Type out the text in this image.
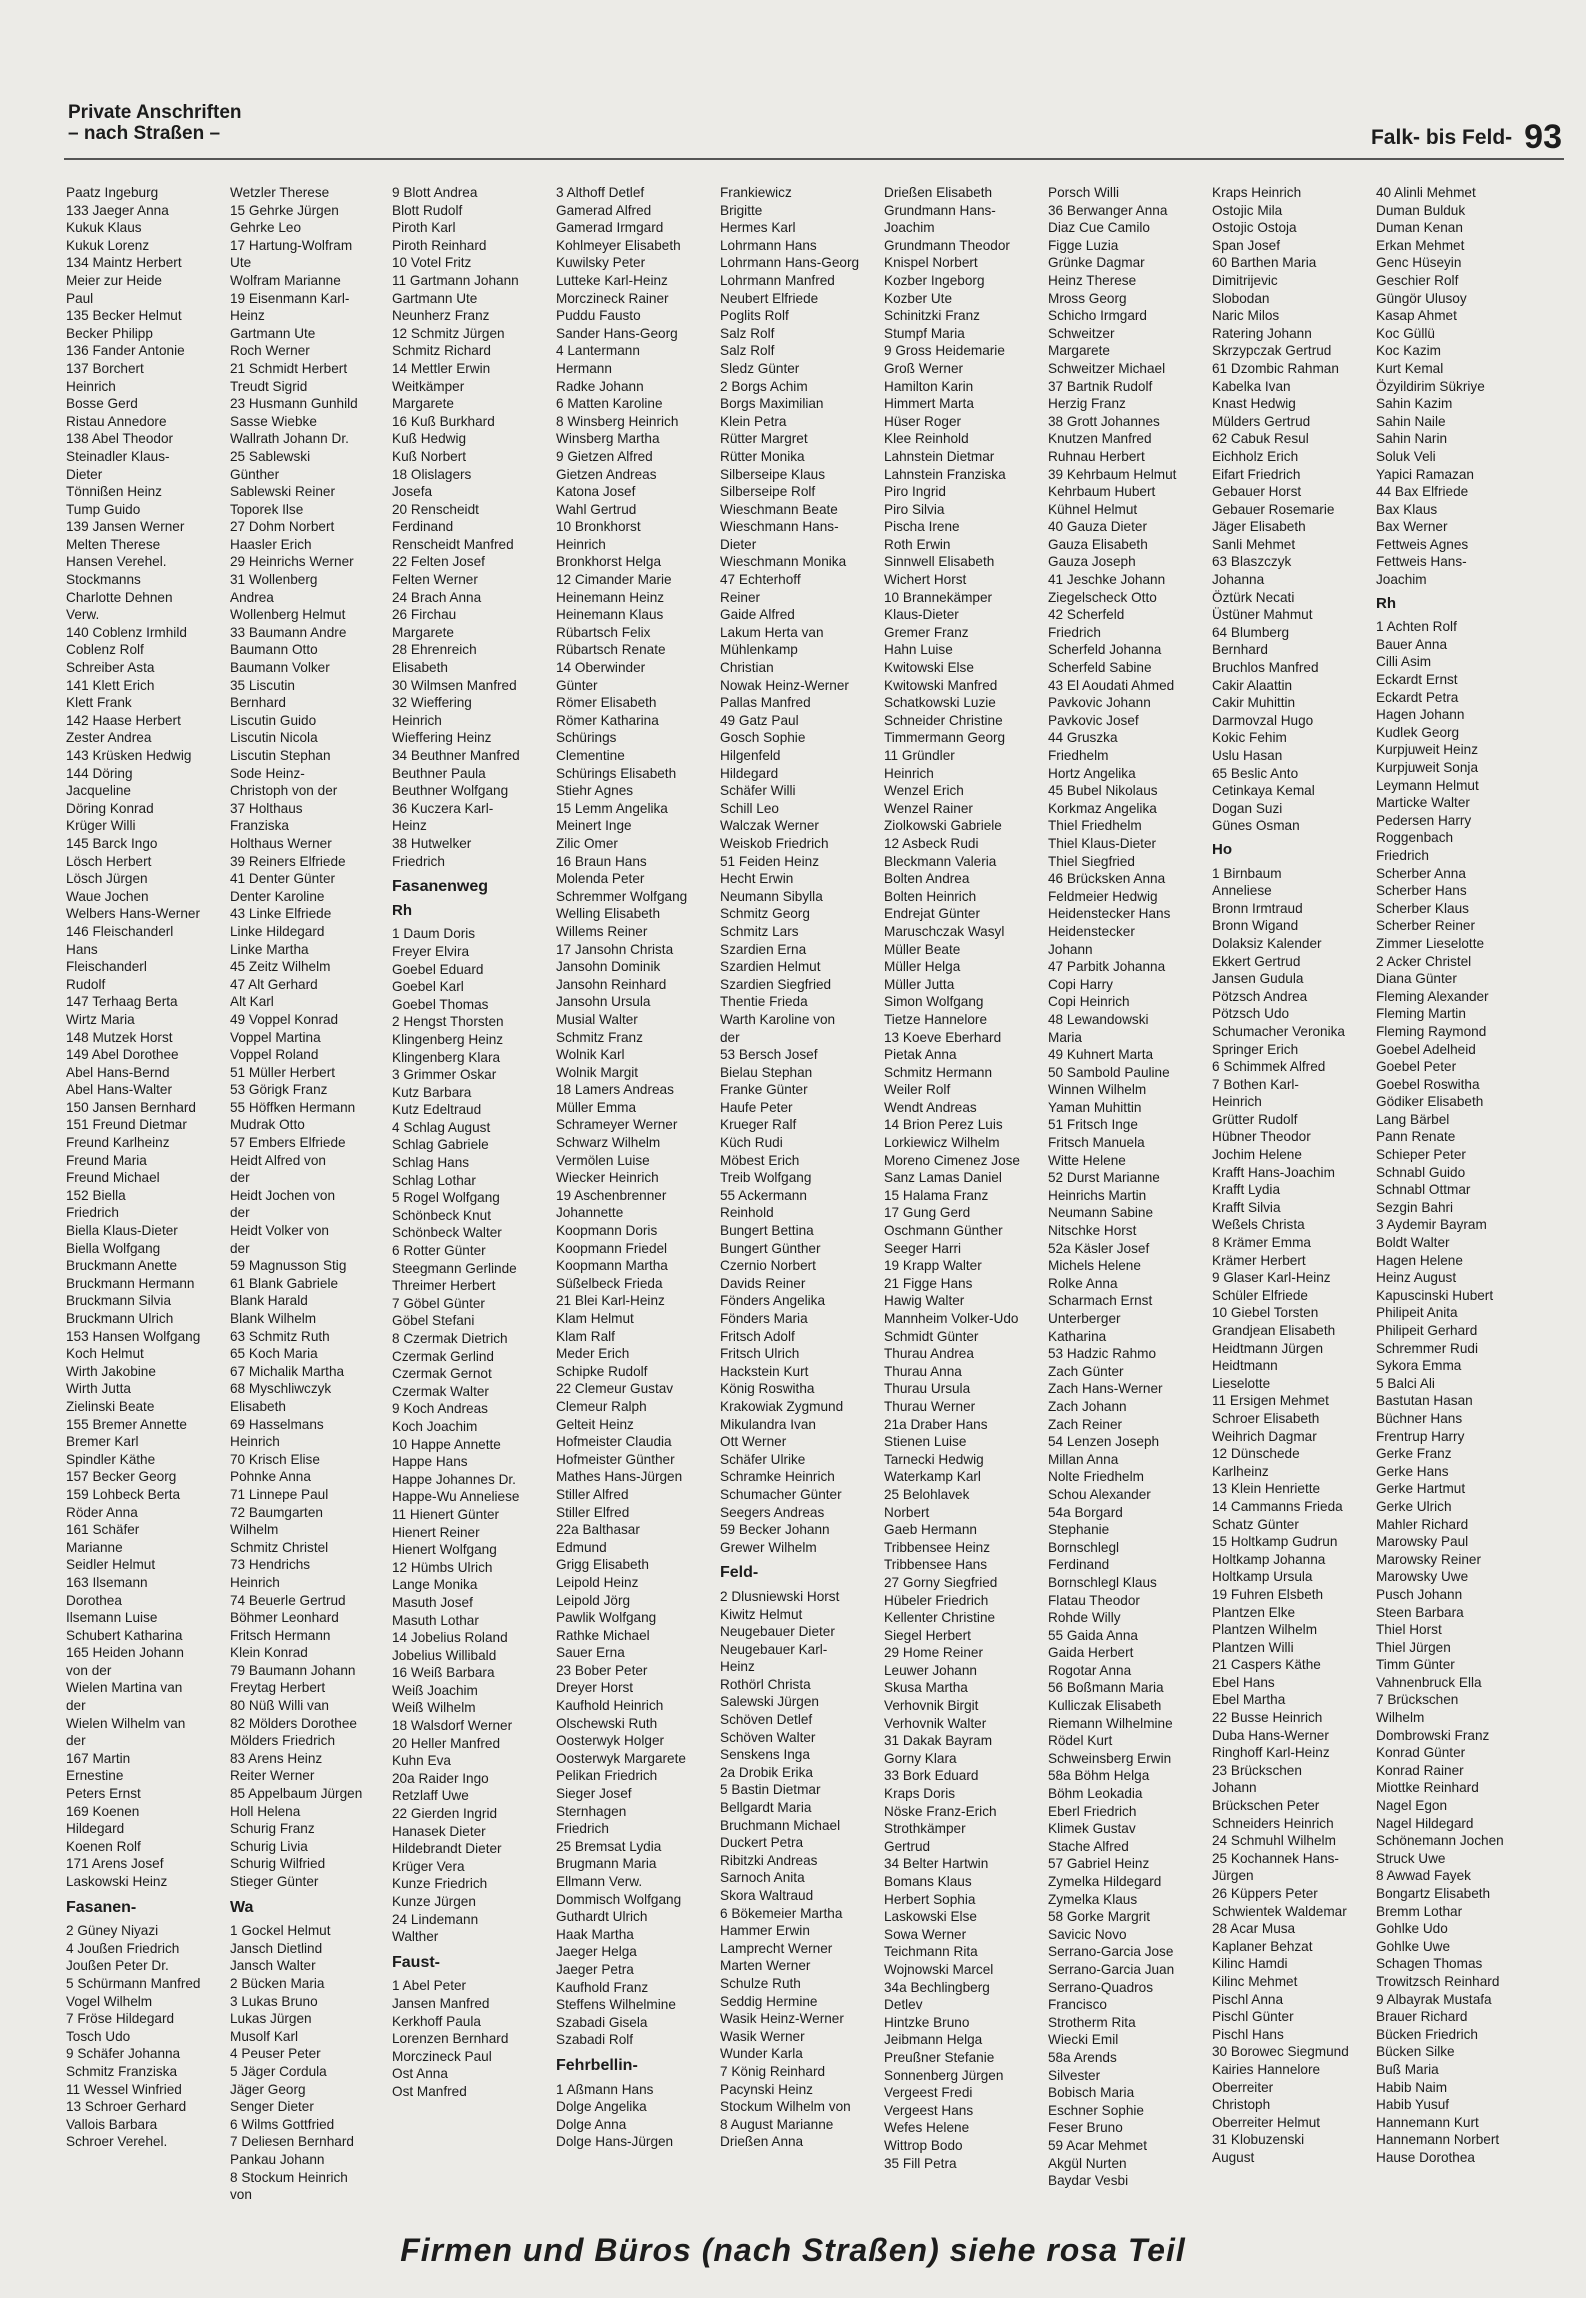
Private Anschriften
– nach Straßen –	Falk- bis Feld- 93
Paatz Ingeburg
133 Jaeger Anna
Kukuk Klaus
Kukuk Lorenz
134 Maintz Herbert
Meier zur Heide
Paul
135 Becker Helmut
Becker Philipp
136 Fander Antonie
137 Borchert
Heinrich
Bosse Gerd
Ristau Annedore
138 Abel Theodor
Steinadler Klaus-
Dieter
Tönnißen Heinz
Tump Guido
139 Jansen Werner
Melten Therese
Hansen Verehel.
Stockmanns
Charlotte Dehnen
Verw.
140 Coblenz Irmhild
Coblenz Rolf
Schreiber Asta
141 Klett Erich
Klett Frank
142 Haase Herbert
Zester Andrea
143 Krüsken Hedwig
144 Döring
Jacqueline
Döring Konrad
Krüger Willi
145 Barck Ingo
Lösch Herbert
Lösch Jürgen
Waue Jochen
Welbers Hans-Werner
146 Fleischanderl
Hans
Fleischanderl
Rudolf
147 Terhaag Berta
Wirtz Maria
148 Mutzek Horst
149 Abel Dorothee
Abel Hans-Bernd
Abel Hans-Walter
150 Jansen Bernhard
151 Freund Dietmar
Freund Karlheinz
Freund Maria
Freund Michael
152 Biella
Friedrich
Biella Klaus-Dieter
Biella Wolfgang
Bruckmann Anette
Bruckmann Hermann
Bruckmann Silvia
Bruckmann Ulrich
153 Hansen Wolfgang
Koch Helmut
Wirth Jakobine
Wirth Jutta
Zielinski Beate
155 Bremer Annette
Bremer Karl
Spindler Käthe
157 Becker Georg
159 Lohbeck Berta
Röder Anna
161 Schäfer
Marianne
Seidler Helmut
163 Ilsemann
Dorothea
Ilsemann Luise
Schubert Katharina
165 Heiden Johann
von der
Wielen Martina van
der
Wielen Wilhelm van
der
167 Martin
Ernestine
Peters Ernst
169 Koenen
Hildegard
Koenen Rolf
171 Arens Josef
Laskowski Heinz
Fasanen-
2 Güney Niyazi
4 Joußen Friedrich
Joußen Peter Dr.
5 Schürmann Manfred
Vogel Wilhelm
7 Fröse Hildegard
Tosch Udo
9 Schäfer Johanna
Schmitz Franziska
11 Wessel Winfried
13 Schroer Gerhard
Vallois Barbara
Schroer Verehel.
Wetzler Therese
15 Gehrke Jürgen
Gehrke Leo
17 Hartung-Wolfram
Ute
Wolfram Marianne
19 Eisenmann Karl-
Heinz
Gartmann Ute
Roch Werner
21 Schmidt Herbert
Treudt Sigrid
23 Husmann Gunhild
Sasse Wiebke
Wallrath Johann Dr.
25 Sablewski
Günther
Sablewski Reiner
Toporek Ilse
27 Dohm Norbert
Haasler Erich
29 Heinrichs Werner
31 Wollenberg
Andrea
Wollenberg Helmut
33 Baumann Andre
Baumann Otto
Baumann Volker
35 Liscutin
Bernhard
Liscutin Guido
Liscutin Nicola
Liscutin Stephan
Sode Heinz-
Christoph von der
37 Holthaus
Franziska
Holthaus Werner
39 Reiners Elfriede
41 Denter Günter
Denter Karoline
43 Linke Elfriede
Linke Hildegard
Linke Martha
45 Zeitz Wilhelm
47 Alt Gerhard
Alt Karl
49 Voppel Konrad
Voppel Martina
Voppel Roland
51 Müller Herbert
53 Görigk Franz
55 Höffken Hermann
Mudrak Otto
57 Embers Elfriede
Heidt Alfred von
der
Heidt Jochen von
der
Heidt Volker von
der
59 Magnusson Stig
61 Blank Gabriele
Blank Harald
Blank Wilhelm
63 Schmitz Ruth
65 Koch Maria
67 Michalik Martha
68 Myschliwczyk
Elisabeth
69 Hasselmans
Heinrich
70 Krisch Elise
Pohnke Anna
71 Linnepe Paul
72 Baumgarten
Wilhelm
Schmitz Christel
73 Hendrichs
Heinrich
74 Beuerle Gertrud
Böhmer Leonhard
Fritsch Hermann
Klein Konrad
79 Baumann Johann
Freytag Herbert
80 Nüß Willi van
82 Mölders Dorothee
Mölders Friedrich
83 Arens Heinz
Reiter Werner
85 Appelbaum Jürgen
Holl Helena
Schurig Franz
Schurig Livia
Schurig Wilfried
Stieger Günter
Wa
1 Gockel Helmut
Jansch Dietlind
Jansch Walter
2 Bücken Maria
3 Lukas Bruno
Lukas Jürgen
Musolf Karl
4 Peuser Peter
5 Jäger Cordula
Jäger Georg
Senger Dieter
6 Wilms Gottfried
7 Deliesen Bernhard
Pankau Johann
8 Stockum Heinrich
von
9 Blott Andrea
Blott Rudolf
Piroth Karl
Piroth Reinhard
10 Votel Fritz
11 Gartmann Johann
Gartmann Ute
Neunherz Franz
12 Schmitz Jürgen
Schmitz Richard
14 Mettler Erwin
Weitkämper
Margarete
16 Kuß Burkhard
Kuß Hedwig
Kuß Norbert
18 Olislagers
Josefa
20 Renscheidt
Ferdinand
Renscheidt Manfred
22 Felten Josef
Felten Werner
24 Brach Anna
26 Firchau
Margarete
28 Ehrenreich
Elisabeth
30 Wilmsen Manfred
32 Wieffering
Heinrich
Wieffering Heinz
34 Beuthner Manfred
Beuthner Paula
Beuthner Wolfgang
36 Kuczera Karl-
Heinz
38 Hutwelker
Friedrich
Fasanenweg
Rh
1 Daum Doris
Freyer Elvira
Goebel Eduard
Goebel Karl
Goebel Thomas
2 Hengst Thorsten
Klingenberg Heinz
Klingenberg Klara
3 Grimmer Oskar
Kutz Barbara
Kutz Edeltraud
4 Schlag August
Schlag Gabriele
Schlag Hans
Schlag Lothar
5 Rogel Wolfgang
Schönbeck Knut
Schönbeck Walter
6 Rotter Günter
Steegmann Gerlinde
Threimer Herbert
7 Göbel Günter
Göbel Stefani
8 Czermak Dietrich
Czermak Gerlind
Czermak Gernot
Czermak Walter
9 Koch Andreas
Koch Joachim
10 Happe Annette
Happe Hans
Happe Johannes Dr.
Happe-Wu Anneliese
11 Hienert Günter
Hienert Reiner
Hienert Wolfgang
12 Hümbs Ulrich
Lange Monika
Masuth Josef
Masuth Lothar
14 Jobelius Roland
Jobelius Willibald
16 Weiß Barbara
Weiß Joachim
Weiß Wilhelm
18 Walsdorf Werner
20 Heller Manfred
Kuhn Eva
20a Raider Ingo
Retzlaff Uwe
22 Gierden Ingrid
Hanasek Dieter
Hildebrandt Dieter
Krüger Vera
Kunze Friedrich
Kunze Jürgen
24 Lindemann
Walther
Faust-
1 Abel Peter
Jansen Manfred
Kerkhoff Paula
Lorenzen Bernhard
Morczineck Paul
Ost Anna
Ost Manfred
3 Althoff Detlef
Gamerad Alfred
Gamerad Irmgard
Kohlmeyer Elisabeth
Kuwilsky Peter
Lutteke Karl-Heinz
Morczineck Rainer
Puddu Fausto
Sander Hans-Georg
4 Lantermann
Hermann
Radke Johann
6 Matten Karoline
8 Winsberg Heinrich
Winsberg Martha
9 Gietzen Alfred
Gietzen Andreas
Katona Josef
Wahl Gertrud
10 Bronkhorst
Heinrich
Bronkhorst Helga
12 Cimander Marie
Heinemann Heinz
Heinemann Klaus
Rübartsch Felix
Rübartsch Renate
14 Oberwinder
Günter
Römer Elisabeth
Römer Katharina
Schürings
Clementine
Schürings Elisabeth
Stiehr Agnes
15 Lemm Angelika
Meinert Inge
Zilic Omer
16 Braun Hans
Molenda Peter
Schremmer Wolfgang
Welling Elisabeth
Willems Reiner
17 Jansohn Christa
Jansohn Dominik
Jansohn Reinhard
Jansohn Ursula
Musial Walter
Schmitz Franz
Wolnik Karl
Wolnik Margit
18 Lamers Andreas
Müller Emma
Schrameyer Werner
Schwarz Wilhelm
Vermölen Luise
Wiecker Heinrich
19 Aschenbrenner
Johannette
Koopmann Doris
Koopmann Friedel
Koopmann Martha
Süßelbeck Frieda
21 Blei Karl-Heinz
Klam Helmut
Klam Ralf
Meder Erich
Schipke Rudolf
22 Clemeur Gustav
Clemeur Ralph
Gelteit Heinz
Hofmeister Claudia
Hofmeister Günther
Mathes Hans-Jürgen
Stiller Alfred
Stiller Elfred
22a Balthasar
Edmund
Grigg Elisabeth
Leipold Heinz
Leipold Jörg
Pawlik Wolfgang
Rathke Michael
Sauer Erna
23 Bober Peter
Dreyer Horst
Kaufhold Heinrich
Olschewski Ruth
Oosterwyk Holger
Oosterwyk Margarete
Pelikan Friedrich
Sieger Josef
Sternhagen
Friedrich
25 Bremsat Lydia
Brugmann Maria
Ellmann Verw.
Dommisch Wolfgang
Guthardt Ulrich
Haak Martha
Jaeger Helga
Jaeger Petra
Kaufhold Franz
Steffens Wilhelmine
Szabadi Gisela
Szabadi Rolf
Fehrbellin-
1 Aßmann Hans
Dolge Angelika
Dolge Anna
Dolge Hans-Jürgen
Frankiewicz
Brigitte
Hermes Karl
Lohrmann Hans
Lohrmann Hans-Georg
Lohrmann Manfred
Neubert Elfriede
Poglits Rolf
Salz Rolf
Salz Rolf
Sledz Günter
2 Borgs Achim
Borgs Maximilian
Klein Petra
Rütter Margret
Rütter Monika
Silberseipe Klaus
Silberseipe Rolf
Wieschmann Beate
Wieschmann Hans-
Dieter
Wieschmann Monika
47 Echterhoff
Reiner
Gaide Alfred
Lakum Herta van
Mühlenkamp
Christian
Nowak Heinz-Werner
Pallas Manfred
49 Gatz Paul
Gosch Sophie
Hilgenfeld
Hildegard
Schäfer Willi
Schill Leo
Walczak Werner
Weiskob Friedrich
51 Feiden Heinz
Hecht Erwin
Neumann Sibylla
Schmitz Georg
Schmitz Lars
Szardien Erna
Szardien Helmut
Szardien Siegfried
Thentie Frieda
Warth Karoline von
der
53 Bersch Josef
Bielau Stephan
Franke Günter
Haufe Peter
Krueger Ralf
Küch Rudi
Möbest Erich
Treib Wolfgang
55 Ackermann
Reinhold
Bungert Bettina
Bungert Günther
Czernio Norbert
Davids Reiner
Fönders Angelika
Fönders Maria
Fritsch Adolf
Fritsch Ulrich
Hackstein Kurt
König Roswitha
Krakowiak Zygmund
Mikulandra Ivan
Ott Werner
Schäfer Ulrike
Schramke Heinrich
Schumacher Günter
Seegers Andreas
59 Becker Johann
Grewer Wilhelm
Feld-
2 Dlusniewski Horst
Kiwitz Helmut
Neugebauer Dieter
Neugebauer Karl-
Heinz
Rothörl Christa
Salewski Jürgen
Schöven Detlef
Schöven Walter
Senskens Inga
2a Drobik Erika
5 Bastin Dietmar
Bellgardt Maria
Bruchmann Michael
Duckert Petra
Ribitzki Andreas
Sarnoch Anita
Skora Waltraud
6 Bökemeier Martha
Hammer Erwin
Lamprecht Werner
Marten Werner
Schulze Ruth
Seddig Hermine
Wasik Heinz-Werner
Wasik Werner
Wunder Karla
7 König Reinhard
Pacynski Heinz
Stockum Wilhelm von
8 August Marianne
Drießen Anna
Drießen Elisabeth
Grundmann Hans-
Joachim
Grundmann Theodor
Knispel Norbert
Kozber Ingeborg
Kozber Ute
Schinitzki Franz
Stumpf Maria
9 Gross Heidemarie
Groß Werner
Hamilton Karin
Himmert Marta
Hüser Roger
Klee Reinhold
Lahnstein Dietmar
Lahnstein Franziska
Piro Ingrid
Piro Silvia
Pischa Irene
Roth Erwin
Sinnwell Elisabeth
Wichert Horst
10 Brannekämper
Klaus-Dieter
Gremer Franz
Hahn Luise
Kwitowski Else
Kwitowski Manfred
Schatkowski Luzie
Schneider Christine
Timmermann Georg
11 Gründler
Heinrich
Wenzel Erich
Wenzel Rainer
Ziolkowski Gabriele
12 Asbeck Rudi
Bleckmann Valeria
Bolten Andrea
Bolten Heinrich
Endrejat Günter
Maruschczak Wasyl
Müller Beate
Müller Helga
Müller Jutta
Simon Wolfgang
Tietze Hannelore
13 Koeve Eberhard
Pietak Anna
Schmitz Hermann
Weiler Rolf
Wendt Andreas
14 Brion Perez Luis
Lorkiewicz Wilhelm
Moreno Cimenez Jose
Sanz Lamas Daniel
15 Halama Franz
17 Gung Gerd
Oschmann Günther
Seeger Harri
19 Krapp Walter
21 Figge Hans
Hawig Walter
Mannheim Volker-Udo
Schmidt Günter
Thurau Andrea
Thurau Anna
Thurau Ursula
Thurau Werner
21a Draber Hans
Stienen Luise
Tarnecki Hedwig
Waterkamp Karl
25 Belohlavek
Norbert
Gaeb Hermann
Tribbensee Heinz
Tribbensee Hans
27 Gorny Siegfried
Hübeler Friedrich
Kellenter Christine
Siegel Herbert
29 Home Reiner
Leuwer Johann
Skusa Martha
Verhovnik Birgit
Verhovnik Walter
31 Dakak Bayram
Gorny Klara
33 Bork Eduard
Kraps Doris
Nöske Franz-Erich
Strothkämper
Gertrud
34 Belter Hartwin
Bomans Klaus
Herbert Sophia
Laskowski Else
Sowa Werner
Teichmann Rita
Wojnowski Marcel
34a Bechlingberg
Detlev
Hintzke Bruno
Jeibmann Helga
Preußner Stefanie
Sonnenberg Jürgen
Vergeest Fredi
Vergeest Hans
Wefes Helene
Wittrop Bodo
35 Fill Petra
Porsch Willi
36 Berwanger Anna
Diaz Cue Camilo
Figge Luzia
Grünke Dagmar
Heinz Therese
Mross Georg
Schicho Irmgard
Schweitzer
Margarete
Schweitzer Michael
37 Bartnik Rudolf
Herzig Franz
38 Grott Johannes
Knutzen Manfred
Ruhnau Herbert
39 Kehrbaum Helmut
Kehrbaum Hubert
Kühnel Helmut
40 Gauza Dieter
Gauza Elisabeth
Gauza Joseph
41 Jeschke Johann
Ziegelscheck Otto
42 Scherfeld
Friedrich
Scherfeld Johanna
Scherfeld Sabine
43 El Aoudati Ahmed
Pavkovic Johann
Pavkovic Josef
44 Gruszka
Friedhelm
Hortz Angelika
45 Bubel Nikolaus
Korkmaz Angelika
Thiel Friedhelm
Thiel Klaus-Dieter
Thiel Siegfried
46 Brücksken Anna
Feldmeier Hedwig
Heidenstecker Hans
Heidenstecker
Johann
47 Parbitk Johanna
Copi Harry
Copi Heinrich
48 Lewandowski
Maria
49 Kuhnert Marta
50 Sambold Pauline
Winnen Wilhelm
Yaman Muhittin
51 Fritsch Inge
Fritsch Manuela
Witte Helene
52 Durst Marianne
Heinrichs Martin
Neumann Sabine
Nitschke Horst
52a Käsler Josef
Michels Helene
Rolke Anna
Scharmach Ernst
Unterberger
Katharina
53 Hadzic Rahmo
Zach Günter
Zach Hans-Werner
Zach Johann
Zach Reiner
54 Lenzen Joseph
Millan Anna
Nolte Friedhelm
Schou Alexander
54a Borgard
Stephanie
Bornschlegl
Ferdinand
Bornschlegl Klaus
Flatau Theodor
Rohde Willy
55 Gaida Anna
Gaida Herbert
Rogotar Anna
56 Boßmann Maria
Kulliczak Elisabeth
Riemann Wilhelmine
Rödel Kurt
Schweinsberg Erwin
58a Böhm Helga
Böhm Leokadia
Eberl Friedrich
Klimek Gustav
Stache Alfred
57 Gabriel Heinz
Zymelka Hildegard
Zymelka Klaus
58 Gorke Margrit
Savicic Novo
Serrano-Garcia Jose
Serrano-Garcia Juan
Serrano-Quadros
Francisco
Strotherm Rita
Wiecki Emil
58a Arends
Silvester
Bobisch Maria
Eschner Sophie
Feser Bruno
59 Acar Mehmet
Akgül Nurten
Baydar Vesbi
Kraps Heinrich
Ostojic Mila
Ostojic Ostoja
Span Josef
60 Barthen Maria
Dimitrijevic
Slobodan
Naric Milos
Ratering Johann
Skrzypczak Gertrud
61 Dzombic Rahman
Kabelka Ivan
Knast Hedwig
Mülders Gertrud
62 Cabuk Resul
Eichholz Erich
Eifart Friedrich
Gebauer Horst
Gebauer Rosemarie
Jäger Elisabeth
Sanli Mehmet
63 Blaszczyk
Johanna
Öztürk Necati
Üstüner Mahmut
64 Blumberg
Bernhard
Bruchlos Manfred
Cakir Alaattin
Cakir Muhittin
Darmovzal Hugo
Kokic Fehim
Uslu Hasan
65 Beslic Anto
Cetinkaya Kemal
Dogan Suzi
Günes Osman
Ho
1 Birnbaum
Anneliese
Bronn Irmtraud
Bronn Wigand
Dolaksiz Kalender
Ekkert Gertrud
Jansen Gudula
Pötzsch Andrea
Pötzsch Udo
Schumacher Veronika
Springer Erich
6 Schimmek Alfred
7 Bothen Karl-
Heinrich
Grütter Rudolf
Hübner Theodor
Jochim Helene
Krafft Hans-Joachim
Krafft Lydia
Krafft Silvia
Weßels Christa
8 Krämer Emma
Krämer Herbert
9 Glaser Karl-Heinz
Schüler Elfriede
10 Giebel Torsten
Grandjean Elisabeth
Heidtmann Jürgen
Heidtmann
Lieselotte
11 Ersigen Mehmet
Schroer Elisabeth
Weihrich Dagmar
12 Dünschede
Karlheinz
13 Klein Henriette
14 Cammanns Frieda
Schatz Günter
15 Holtkamp Gudrun
Holtkamp Johanna
Holtkamp Ursula
19 Fuhren Elsbeth
Plantzen Elke
Plantzen Wilhelm
Plantzen Willi
21 Caspers Käthe
Ebel Hans
Ebel Martha
22 Busse Heinrich
Duba Hans-Werner
Ringhoff Karl-Heinz
23 Brückschen
Johann
Brückschen Peter
Schneiders Heinrich
24 Schmuhl Wilhelm
25 Kochannek Hans-
Jürgen
26 Küppers Peter
Schwientek Waldemar
28 Acar Musa
Kaplaner Behzat
Kilinc Hamdi
Kilinc Mehmet
Pischl Anna
Pischl Günter
Pischl Hans
30 Borowec Siegmund
Kairies Hannelore
Oberreiter
Christoph
Oberreiter Helmut
31 Klobuzenski
August
40 Alinli Mehmet
Duman Bulduk
Duman Kenan
Erkan Mehmet
Genc Hüseyin
Geschier Rolf
Güngör Ulusoy
Kasap Ahmet
Koc Güllü
Koc Kazim
Kurt Kemal
Özyildirim Sükriye
Sahin Kazim
Sahin Naile
Sahin Narin
Soluk Veli
Yapici Ramazan
44 Bax Elfriede
Bax Klaus
Bax Werner
Fettweis Agnes
Fettweis Hans-
Joachim
Rh
1 Achten Rolf
Bauer Anna
Cilli Asim
Eckardt Ernst
Eckardt Petra
Hagen Johann
Kudlek Georg
Kurpjuweit Heinz
Kurpjuweit Sonja
Leymann Helmut
Marticke Walter
Pedersen Harry
Roggenbach
Friedrich
Scherber Anna
Scherber Hans
Scherber Klaus
Scherber Reiner
Zimmer Lieselotte
2 Acker Christel
Diana Günter
Fleming Alexander
Fleming Martin
Fleming Raymond
Goebel Adelheid
Goebel Peter
Goebel Roswitha
Gödiker Elisabeth
Lang Bärbel
Pann Renate
Schieper Peter
Schnabl Guido
Schnabl Ottmar
Sezgin Bahri
3 Aydemir Bayram
Boldt Walter
Hagen Helene
Heinz August
Kapuscinski Hubert
Philipeit Anita
Philipeit Gerhard
Schremmer Rudi
Sykora Emma
5 Balci Ali
Bastutan Hasan
Büchner Hans
Frentrup Harry
Gerke Franz
Gerke Hans
Gerke Hartmut
Gerke Ulrich
Mahler Richard
Marowsky Paul
Marowsky Reiner
Marowsky Uwe
Pusch Johann
Steen Barbara
Thiel Horst
Thiel Jürgen
Timm Günter
Vahnenbruck Ella
7 Brückschen
Wilhelm
Dombrowski Franz
Konrad Günter
Konrad Rainer
Miottke Reinhard
Nagel Egon
Nagel Hildegard
Schönemann Jochen
Struck Uwe
8 Awwad Fayek
Bongartz Elisabeth
Bremm Lothar
Gohlke Udo
Gohlke Uwe
Schagen Thomas
Trowitzsch Reinhard
9 Albayrak Mustafa
Brauer Richard
Bücken Friedrich
Bücken Silke
Buß Maria
Habib Naim
Habib Yusuf
Hannemann Kurt
Hannemann Norbert
Hause Dorothea
Firmen und Büros (nach Straßen) siehe rosa Teil
